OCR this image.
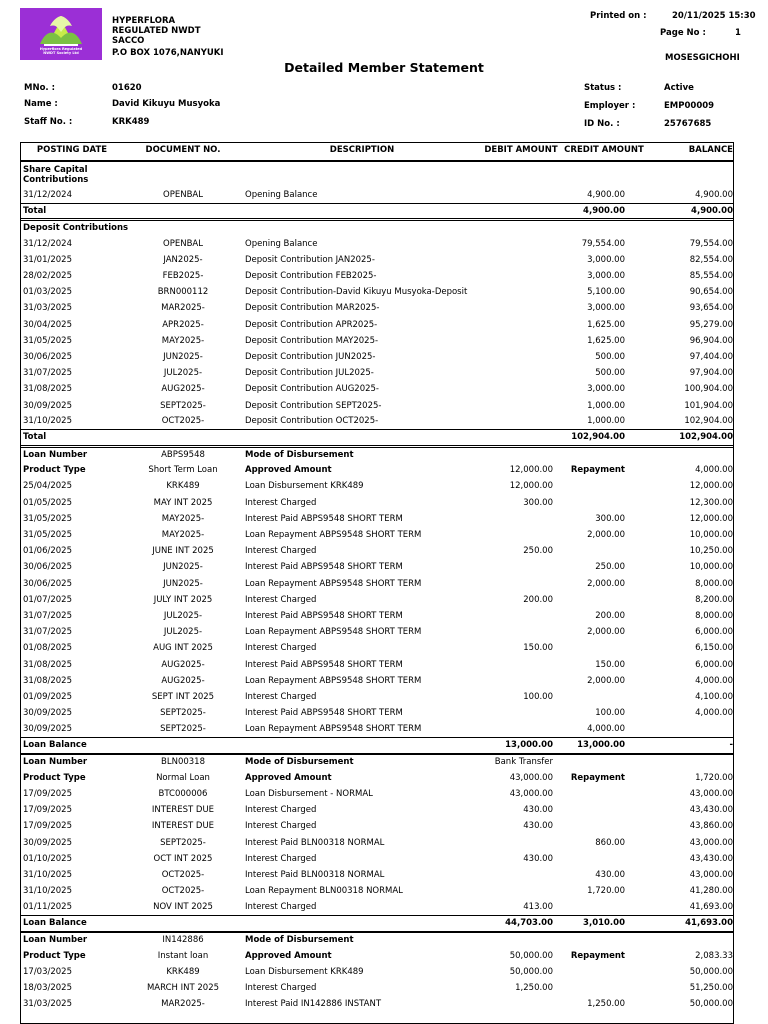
Hyperflora Regulated
NWDT Society Ltd
HYPERFLORA
REGULATED NWDT
SACCO
P.O BOX 1076,NANYUKI
Printed on :	20/11/2025 15:30
Page No :	1
MOSESGICHOHI
Detailed Member Statement
MNo. :	01620
Name :	David Kikuyu Musyoka
Staff No. :	KRK489
Status :	Active
Employer :	EMP00009
ID No. :	25767685
POSTING DATE	DOCUMENT NO.	DESCRIPTION	DEBIT AMOUNT	CREDIT AMOUNT	BALANCE

Share Capital Contributions					

31/12/2024	OPENBAL	Opening Balance		4,900.00	4,900.00
Total				4,900.00	4,900.00
Deposit Contributions					
31/12/2024	OPENBAL	Opening Balance		79,554.00	79,554.00
31/01/2025	JAN2025-	Deposit Contribution JAN2025-		3,000.00	82,554.00
28/02/2025	FEB2025-	Deposit Contribution FEB2025-		3,000.00	85,554.00
01/03/2025	BRN000112	Deposit Contribution-David Kikuyu Musyoka-Deposit		5,100.00	90,654.00
31/03/2025	MAR2025-	Deposit Contribution MAR2025-		3,000.00	93,654.00
30/04/2025	APR2025-	Deposit Contribution APR2025-		1,625.00	95,279.00
31/05/2025	MAY2025-	Deposit Contribution MAY2025-		1,625.00	96,904.00
30/06/2025	JUN2025-	Deposit Contribution JUN2025-		500.00	97,404.00
31/07/2025	JUL2025-	Deposit Contribution JUL2025-		500.00	97,904.00
31/08/2025	AUG2025-	Deposit Contribution AUG2025-		3,000.00	100,904.00
30/09/2025	SEPT2025-	Deposit Contribution SEPT2025-		1,000.00	101,904.00
31/10/2025	OCT2025-	Deposit Contribution OCT2025-		1,000.00	102,904.00
Total				102,904.00	102,904.00
Loan Number	ABPS9548	Mode of Disbursement			
Product Type	Short Term Loan	Approved Amount	12,000.00	Repayment	4,000.00
25/04/2025	KRK489	Loan Disbursement KRK489	12,000.00		12,000.00
01/05/2025	MAY INT 2025	Interest Charged	300.00		12,300.00
31/05/2025	MAY2025-	Interest Paid ABPS9548 SHORT TERM		300.00	12,000.00
31/05/2025	MAY2025-	Loan Repayment ABPS9548 SHORT TERM		2,000.00	10,000.00
01/06/2025	JUNE INT 2025	Interest Charged	250.00		10,250.00
30/06/2025	JUN2025-	Interest Paid ABPS9548 SHORT TERM		250.00	10,000.00
30/06/2025	JUN2025-	Loan Repayment ABPS9548 SHORT TERM		2,000.00	8,000.00
01/07/2025	JULY INT 2025	Interest Charged	200.00		8,200.00
31/07/2025	JUL2025-	Interest Paid ABPS9548 SHORT TERM		200.00	8,000.00
31/07/2025	JUL2025-	Loan Repayment ABPS9548 SHORT TERM		2,000.00	6,000.00
01/08/2025	AUG INT 2025	Interest Charged	150.00		6,150.00
31/08/2025	AUG2025-	Interest Paid ABPS9548 SHORT TERM		150.00	6,000.00
31/08/2025	AUG2025-	Loan Repayment ABPS9548 SHORT TERM		2,000.00	4,000.00
01/09/2025	SEPT INT 2025	Interest Charged	100.00		4,100.00
30/09/2025	SEPT2025-	Interest Paid ABPS9548 SHORT TERM		100.00	4,000.00
30/09/2025	SEPT2025-	Loan Repayment ABPS9548 SHORT TERM		4,000.00	
Loan Balance			13,000.00	13,000.00	-
Loan Number	BLN00318	Mode of Disbursement	Bank Transfer		
Product Type	Normal Loan	Approved Amount	43,000.00	Repayment	1,720.00
17/09/2025	BTC000006	Loan Disbursement - NORMAL	43,000.00		43,000.00
17/09/2025	INTEREST DUE	Interest Charged	430.00		43,430.00
17/09/2025	INTEREST DUE	Interest Charged	430.00		43,860.00
30/09/2025	SEPT2025-	Interest Paid BLN00318 NORMAL		860.00	43,000.00
01/10/2025	OCT INT 2025	Interest Charged	430.00		43,430.00
31/10/2025	OCT2025-	Interest Paid BLN00318 NORMAL		430.00	43,000.00
31/10/2025	OCT2025-	Loan Repayment BLN00318 NORMAL		1,720.00	41,280.00
01/11/2025	NOV INT 2025	Interest Charged	413.00		41,693.00
Loan Balance			44,703.00	3,010.00	41,693.00
Loan Number	IN142886	Mode of Disbursement			
Product Type	Instant loan	Approved Amount	50,000.00	Repayment	2,083.33
17/03/2025	KRK489	Loan Disbursement KRK489	50,000.00		50,000.00
18/03/2025	MARCH INT 2025	Interest Charged	1,250.00		51,250.00
31/03/2025	MAR2025-	Interest Paid IN142886 INSTANT		1,250.00	50,000.00
